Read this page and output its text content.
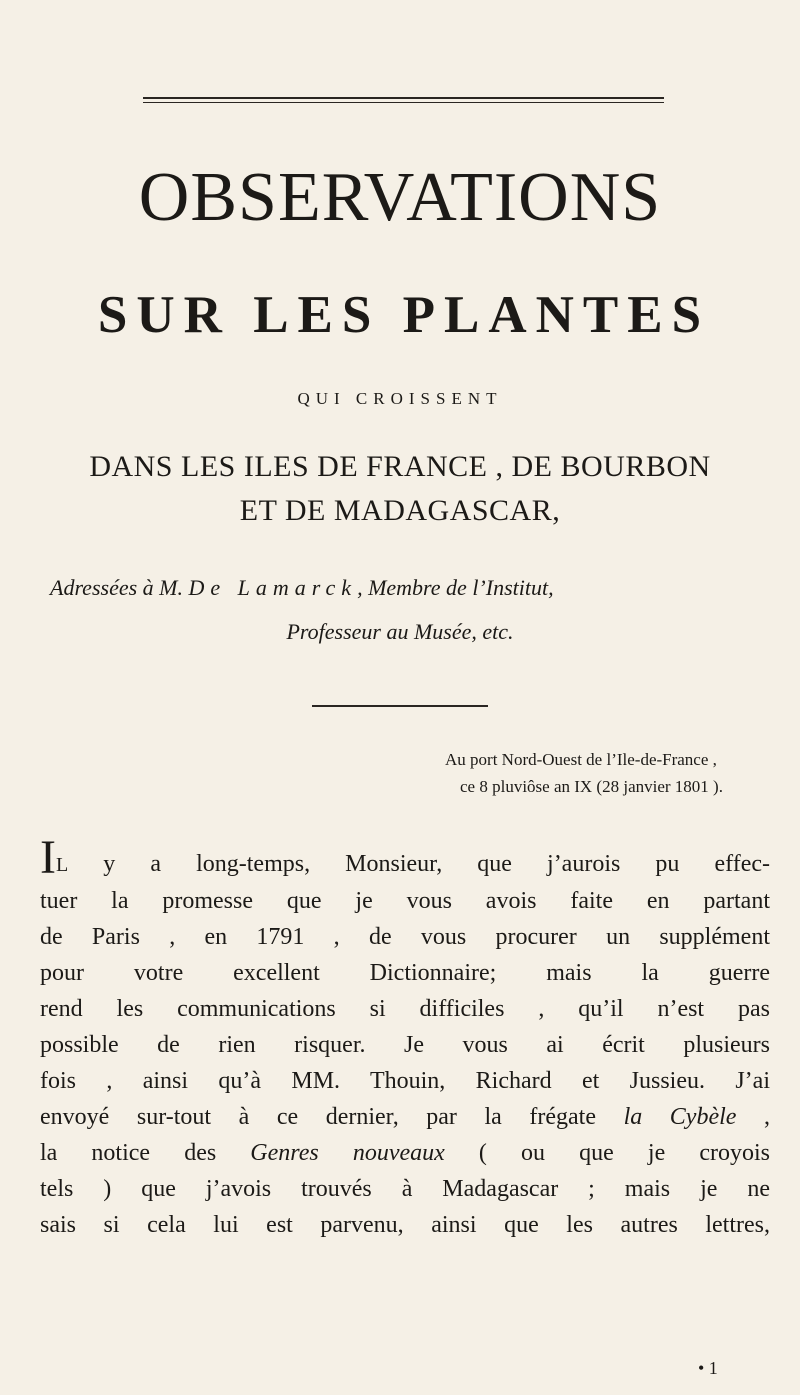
OBSERVATIONS
SUR LES PLANTES
QUI CROISSENT
DANS LES ILES DE FRANCE , DE BOURBON
ET DE MADAGASCAR,
Adressées à M. De Lamarck, Membre de l’Institut,
Professeur au Musée, etc.
Au port Nord-Ouest de l’Ile-de-France ,
ce 8 pluviôse an IX (28 janvier 1801 ).
IL y a long-temps, Monsieur, que j’aurois pu effec-
tuer la promesse que je vous avois faite en partant
de Paris , en 1791 , de vous procurer un supplément
pour votre excellent Dictionnaire; mais la guerre
rend les communications si difficiles , qu’il n’est pas
possible de rien risquer. Je vous ai écrit plusieurs
fois , ainsi qu’à MM. Thouin, Richard et Jussieu. J’ai
envoyé sur-tout à ce dernier, par la frégate la Cybèle ,
la notice des Genres nouveaux ( ou que je croyois
tels ) que j’avois trouvés à Madagascar ; mais je ne
sais si cela lui est parvenu, ainsi que les autres lettres,
• 1
